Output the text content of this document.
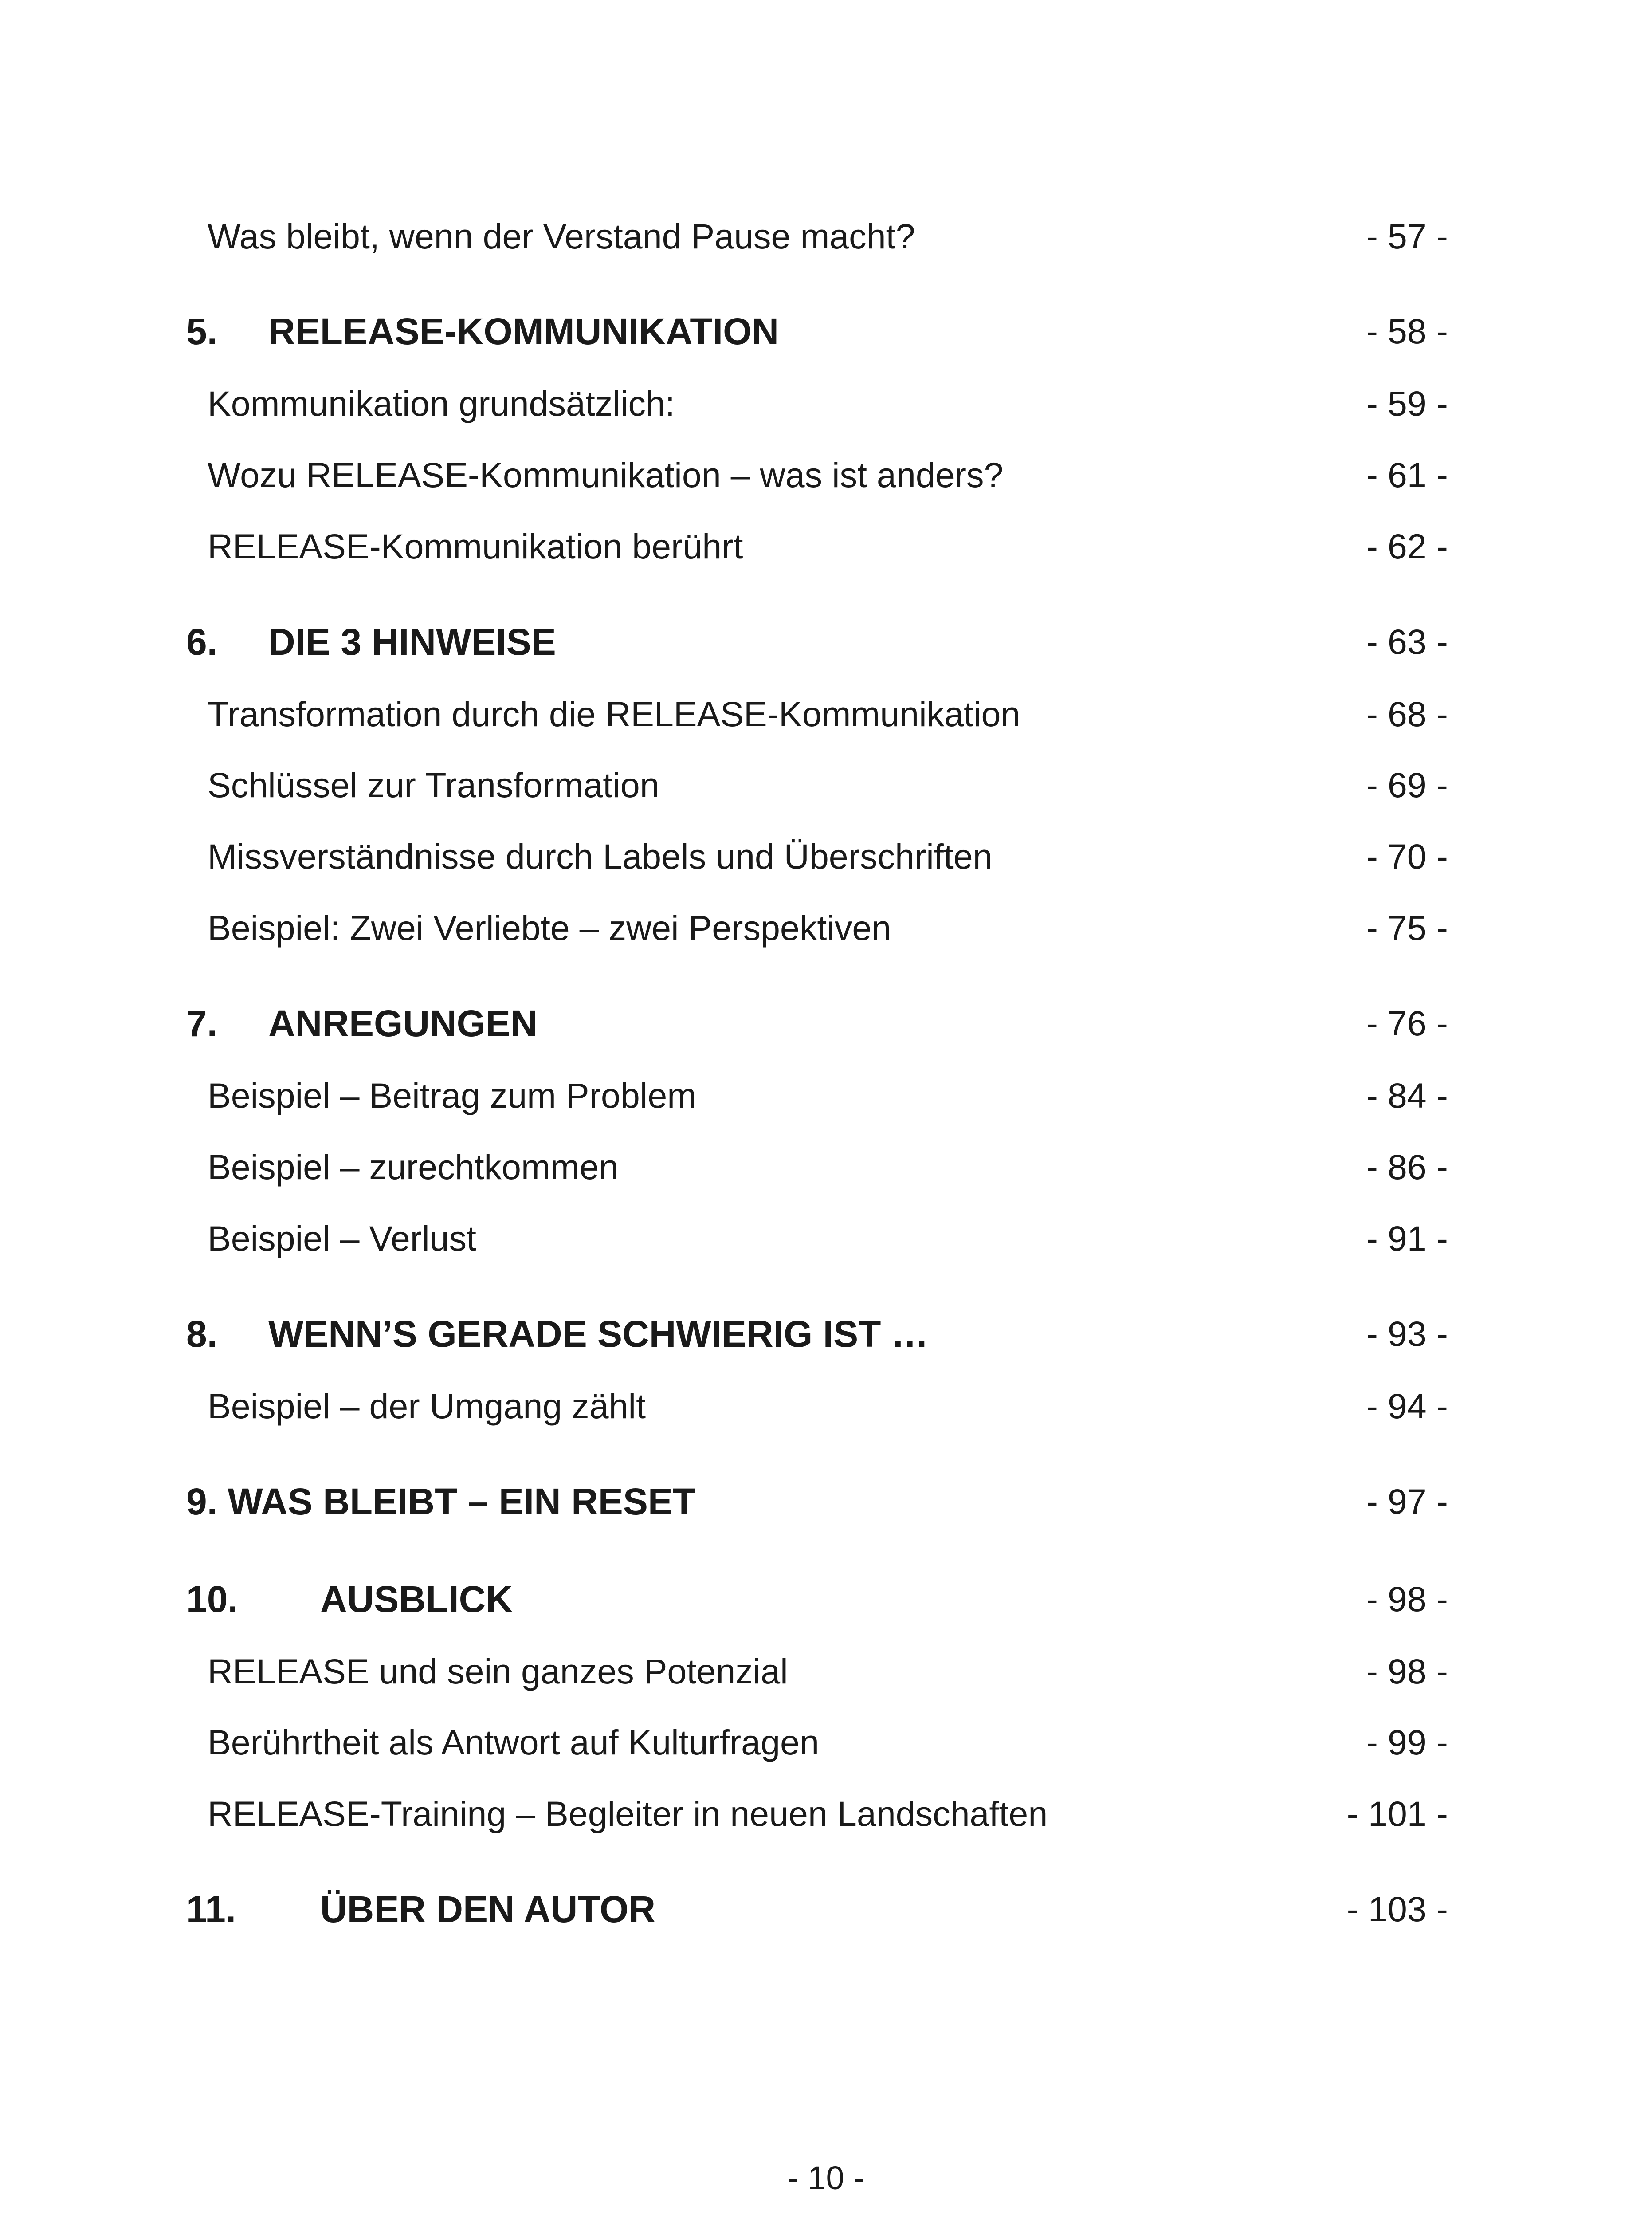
Was bleibt, wenn der Verstand Pause macht?	- 57 -
5. RELEASE-KOMMUNIKATION	- 58 -
Kommunikation grundsätzlich:	- 59 -
Wozu RELEASE-Kommunikation – was ist anders?	- 61 -
RELEASE-Kommunikation berührt	- 62 -
6. DIE 3 HINWEISE	- 63 -
Transformation durch die RELEASE-Kommunikation	- 68 -
Schlüssel zur Transformation	- 69 -
Missverständnisse durch Labels und Überschriften	- 70 -
Beispiel: Zwei Verliebte – zwei Perspektiven	- 75 -
7. ANREGUNGEN	- 76 -
Beispiel – Beitrag zum Problem	- 84 -
Beispiel – zurechtkommen	- 86 -
Beispiel – Verlust	- 91 -
8. WENN’S GERADE SCHWIERIG IST …	- 93 -
Beispiel – der Umgang zählt	- 94 -
9. WAS BLEIBT – EIN RESET	- 97 -
10. AUSBLICK	- 98 -
RELEASE und sein ganzes Potenzial	- 98 -
Berührtheit als Antwort auf Kulturfragen	- 99 -
RELEASE-Training – Begleiter in neuen Landschaften	- 101 -
11. ÜBER DEN AUTOR	- 103 -
- 10 -
